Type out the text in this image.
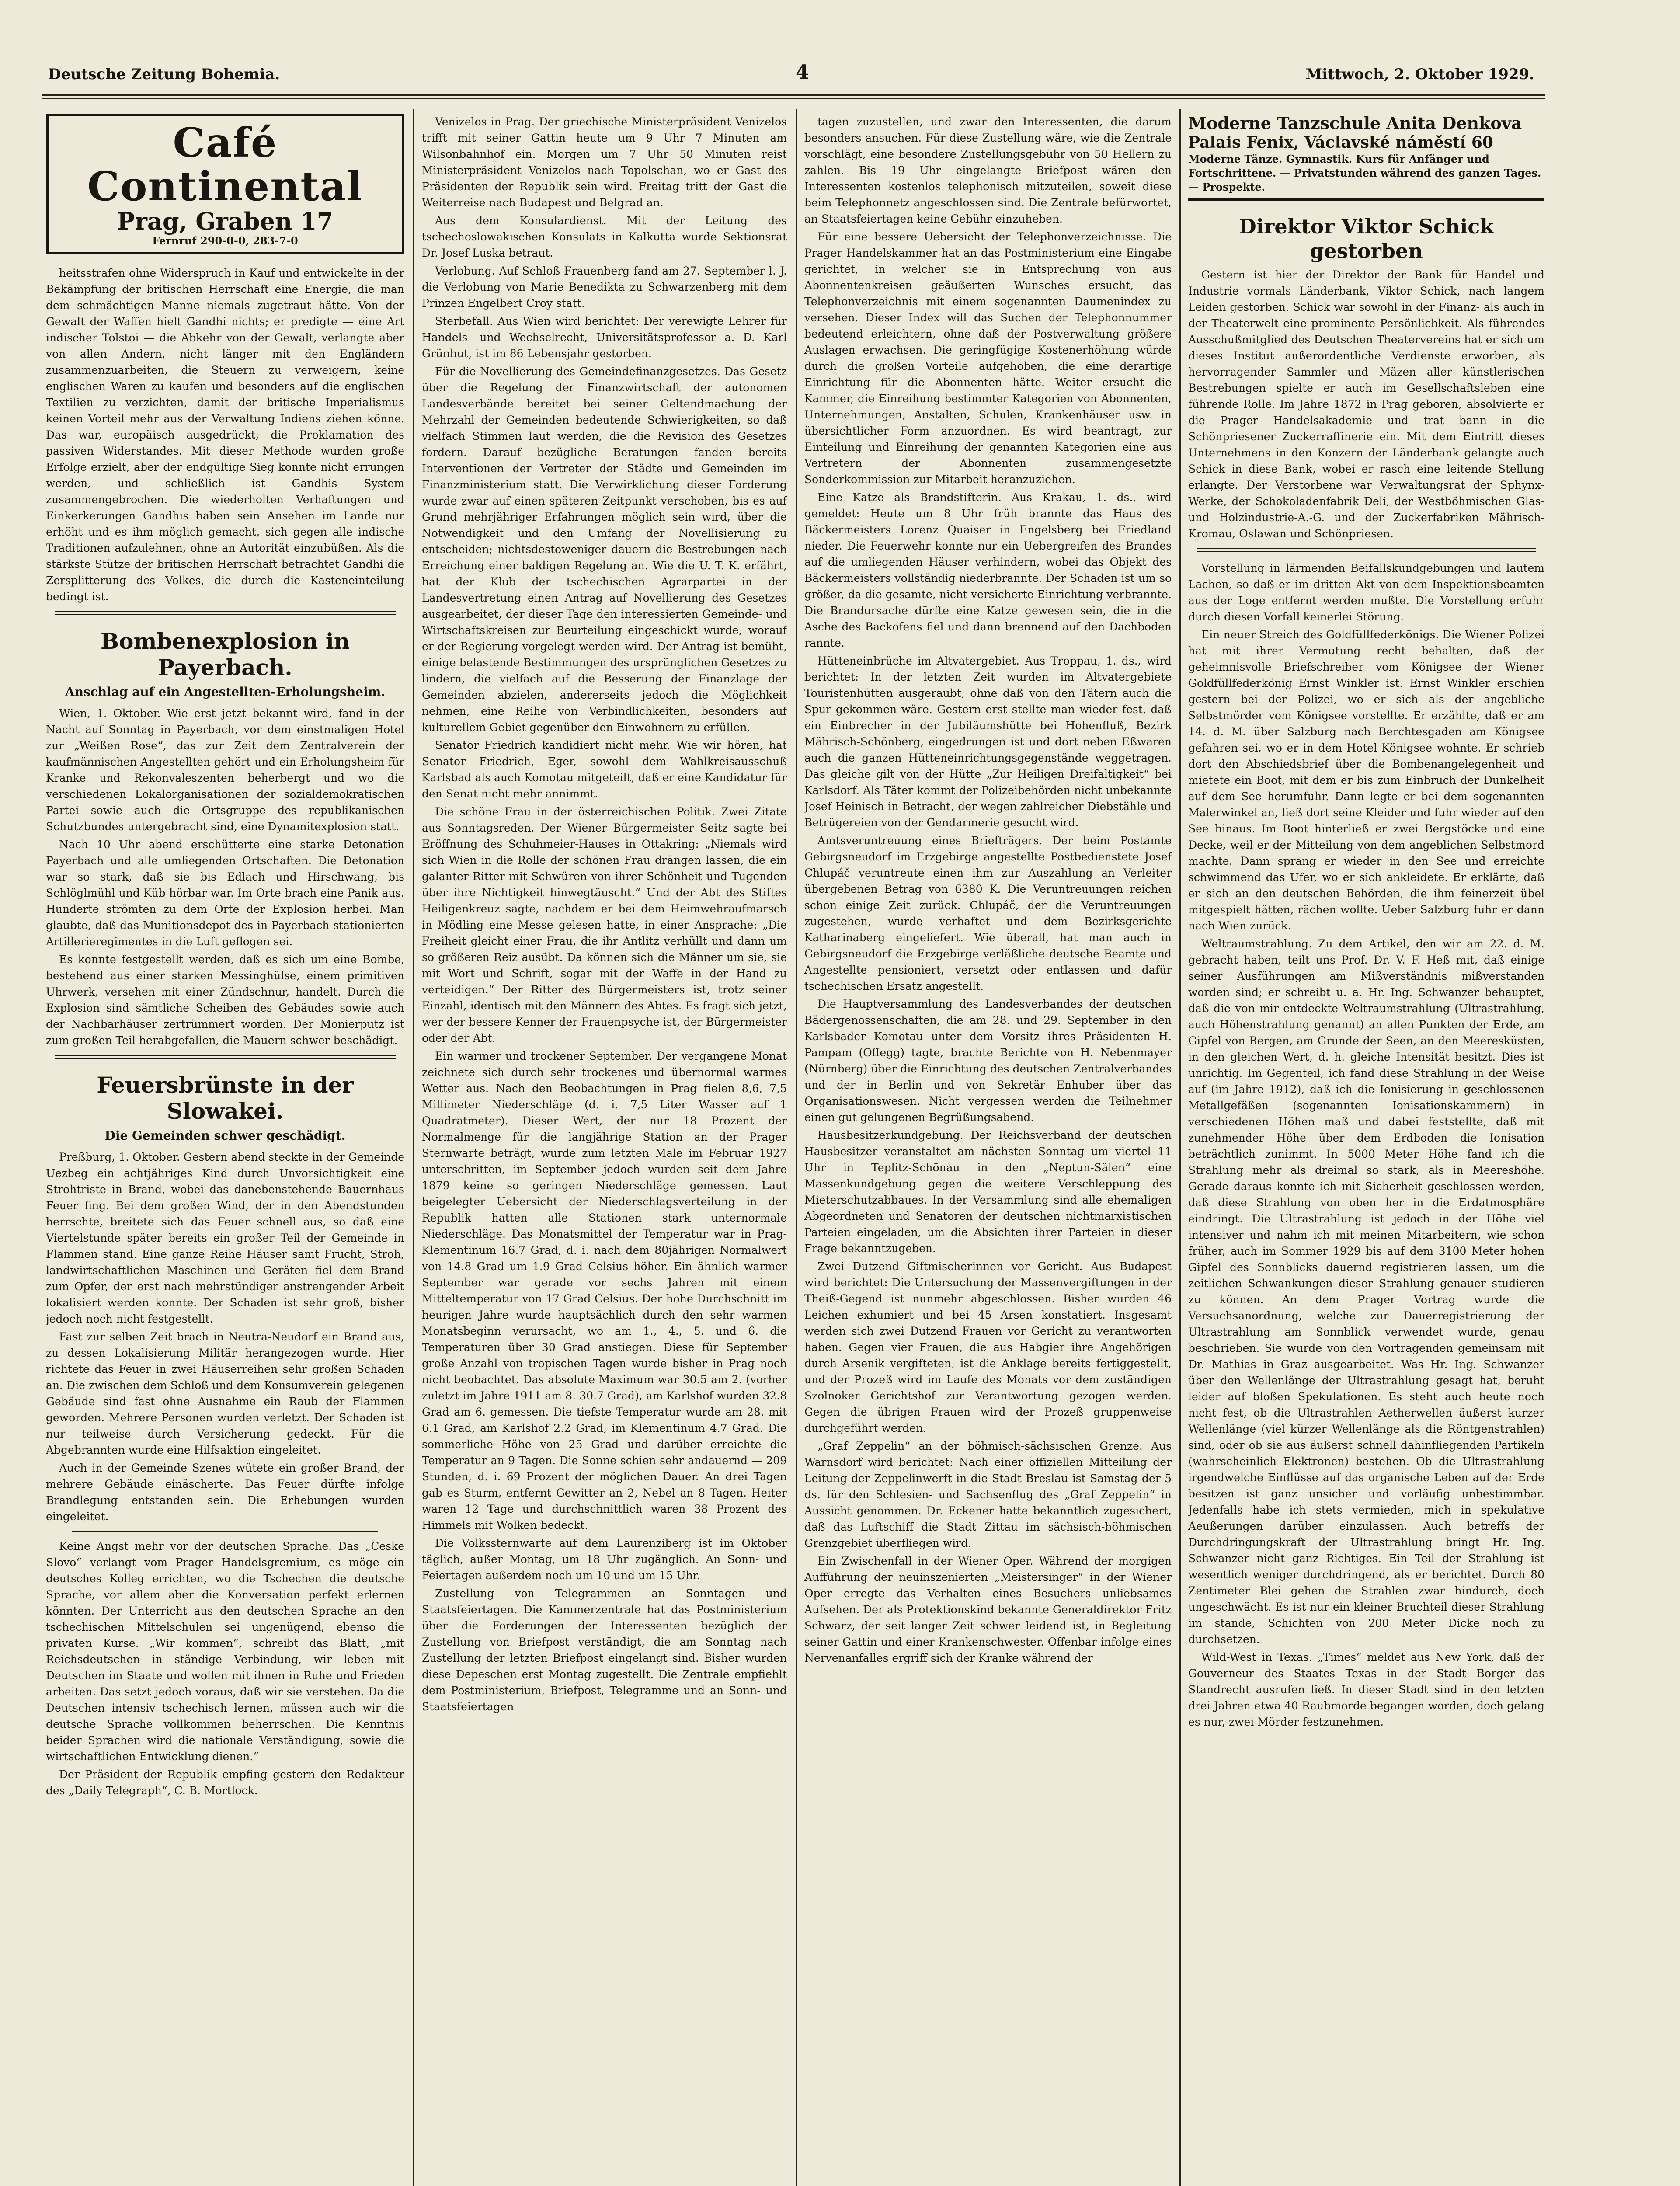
Deutsche Zeitung Bohemia.	4	Mittwoch, 2. Oktober 1929.
Café Continental
Prag, Graben 17
Fernruf 290-0-0, 283-7-0

heitsstrafen ohne Widerspruch in Kauf und entwickelte in der Bekämpfung der britischen Herrschaft eine Energie, die man dem schmächtigen Manne niemals zugetraut hätte. Von der Gewalt der Waffen hielt Gandhi nichts; er predigte — eine Art indischer Tolstoi — die Abkehr von der Gewalt, verlangte aber von allen Andern, nicht länger mit den Engländern zusammenzuarbeiten, die Steuern zu verweigern, keine englischen Waren zu kaufen und besonders auf die englischen Textilien zu verzichten, damit der britische Imperialismus keinen Vorteil mehr aus der Verwaltung Indiens ziehen könne. Das war, europäisch ausgedrückt, die Proklamation des passiven Widerstandes. Mit dieser Methode wurden große Erfolge erzielt, aber der endgültige Sieg konnte nicht errungen werden, und schließlich ist Gandhis System zusammengebrochen. Die wiederholten Verhaftungen und Einkerkerungen Gandhis haben sein Ansehen im Lande nur erhöht und es ihm möglich gemacht, sich gegen alle indische Traditionen aufzulehnen, ohne an Autorität einzubüßen. Als die stärkste Stütze der britischen Herrschaft betrachtet Gandhi die Zersplitterung des Volkes, die durch die Kasteneinteilung bedingt ist.

Bombenexplosion in Payerbach.
Anschlag auf ein Angestellten-Erholungsheim.

Wien, 1. Oktober. Wie erst jetzt bekannt wird, fand in der Nacht auf Sonntag in Payerbach, vor dem einstmaligen Hotel zur „Weißen Rose“, das zur Zeit dem Zentralverein der kaufmännischen Angestellten gehört und ein Erholungsheim für Kranke und Rekonvaleszenten beherbergt und wo die verschiedenen Lokalorganisationen der sozialdemokratischen Partei sowie auch die Ortsgruppe des republikanischen Schutzbundes untergebracht sind, eine Dynamitexplosion statt.

Nach 10 Uhr abend erschütterte eine starke Detonation Payerbach und alle umliegenden Ortschaften. Die Detonation war so stark, daß sie bis Edlach und Hirschwang, bis Schlöglmühl und Küb hörbar war. Im Orte brach eine Panik aus. Hunderte strömten zu dem Orte der Explosion herbei. Man glaubte, daß das Munitionsdepot des in Payerbach stationierten Artillerieregimentes in die Luft geflogen sei.

Es konnte festgestellt werden, daß es sich um eine Bombe, bestehend aus einer starken Messinghülse, einem primitiven Uhrwerk, versehen mit einer Zündschnur, handelt. Durch die Explosion sind sämtliche Scheiben des Gebäudes sowie auch der Nachbarhäuser zertrümmert worden. Der Monierputz ist zum großen Teil herabgefallen, die Mauern schwer beschädigt.

Feuersbrünste in der Slowakei.
Die Gemeinden schwer geschädigt.

Preßburg, 1. Oktober. Gestern abend steckte in der Gemeinde Uezbeg ein achtjähriges Kind durch Unvorsichtigkeit eine Strohtriste in Brand, wobei das danebenstehende Bauernhaus Feuer fing. Bei dem großen Wind, der in den Abendstunden herrschte, breitete sich das Feuer schnell aus, so daß eine Viertelstunde später bereits ein großer Teil der Gemeinde in Flammen stand. Eine ganze Reihe Häuser samt Frucht, Stroh, landwirtschaftlichen Maschinen und Geräten fiel dem Brand zum Opfer, der erst nach mehrstündiger anstrengender Arbeit lokalisiert werden konnte. Der Schaden ist sehr groß, bisher jedoch noch nicht festgestellt.

Fast zur selben Zeit brach in Neutra-Neudorf ein Brand aus, zu dessen Lokalisierung Militär herangezogen wurde. Hier richtete das Feuer in zwei Häuserreihen sehr großen Schaden an. Die zwischen dem Schloß und dem Konsumverein gelegenen Gebäude sind fast ohne Ausnahme ein Raub der Flammen geworden. Mehrere Personen wurden verletzt. Der Schaden ist nur teilweise durch Versicherung gedeckt. Für die Abgebrannten wurde eine Hilfsaktion eingeleitet.

Auch in der Gemeinde Szenes wütete ein großer Brand, der mehrere Gebäude einäscherte. Das Feuer dürfte infolge Brandlegung entstanden sein. Die Erhebungen wurden eingeleitet.

Keine Angst mehr vor der deutschen Sprache. Das „Ceske Slovo“ verlangt vom Prager Handelsgremium, es möge ein deutsches Kolleg errichten, wo die Tschechen die deutsche Sprache, vor allem aber die Konversation perfekt erlernen könnten. Der Unterricht aus den deutschen Sprache an den tschechischen Mittelschulen sei ungenügend, ebenso die privaten Kurse. „Wir kommen“, schreibt das Blatt, „mit Reichsdeutschen in ständige Verbindung, wir leben mit Deutschen im Staate und wollen mit ihnen in Ruhe und Frieden arbeiten. Das setzt jedoch voraus, daß wir sie verstehen. Da die Deutschen intensiv tschechisch lernen, müssen auch wir die deutsche Sprache vollkommen beherrschen. Die Kenntnis beider Sprachen wird die nationale Verständigung, sowie die wirtschaftlichen Entwicklung dienen.“

Der Präsident der Republik empfing gestern den Redakteur des „Daily Telegraph“, C. B. Mortlock.

Venizelos in Prag. Der griechische Ministerpräsident Venizelos trifft mit seiner Gattin heute um 9 Uhr 7 Minuten am Wilsonbahnhof ein. Morgen um 7 Uhr 50 Minuten reist Ministerpräsident Venizelos nach Topolschan, wo er Gast des Präsidenten der Republik sein wird. Freitag tritt der Gast die Weiterreise nach Budapest und Belgrad an.

Aus dem Konsulardienst. Mit der Leitung des tschechoslowakischen Konsulats in Kalkutta wurde Sektionsrat Dr. Josef Luska betraut.

Verlobung. Auf Schloß Frauenberg fand am 27. September l. J. die Verlobung von Marie Benedikta zu Schwarzenberg mit dem Prinzen Engelbert Croy statt.

Sterbefall. Aus Wien wird berichtet: Der verewigte Lehrer für Handels- und Wechselrecht, Universitätsprofessor a. D. Karl Grünhut, ist im 86 Lebensjahr gestorben.

Für die Novellierung des Gemeindefinanzgesetzes. Das Gesetz über die Regelung der Finanzwirtschaft der autonomen Landesverbände bereitet bei seiner Geltendmachung der Mehrzahl der Gemeinden bedeutende Schwierigkeiten, so daß vielfach Stimmen laut werden, die die Revision des Gesetzes fordern. Darauf bezügliche Beratungen fanden bereits Interventionen der Vertreter der Städte und Gemeinden im Finanzministerium statt. Die Verwirklichung dieser Forderung wurde zwar auf einen späteren Zeitpunkt verschoben, bis es auf Grund mehrjähriger Erfahrungen möglich sein wird, über die Notwendigkeit und den Umfang der Novellisierung zu entscheiden; nichtsdestoweniger dauern die Bestrebungen nach Erreichung einer baldigen Regelung an. Wie die U. T. K. erfährt, hat der Klub der tschechischen Agrarpartei in der Landesvertretung einen Antrag auf Novellierung des Gesetzes ausgearbeitet, der dieser Tage den interessierten Gemeinde- und Wirtschaftskreisen zur Beurteilung eingeschickt wurde, worauf er der Regierung vorgelegt werden wird. Der Antrag ist bemüht, einige belastende Bestimmungen des ursprünglichen Gesetzes zu lindern, die vielfach auf die Besserung der Finanzlage der Gemeinden abzielen, andererseits jedoch die Möglichkeit nehmen, eine Reihe von Verbindlichkeiten, besonders auf kulturellem Gebiet gegenüber den Einwohnern zu erfüllen.

Senator Friedrich kandidiert nicht mehr. Wie wir hören, hat Senator Friedrich, Eger, sowohl dem Wahlkreisausschuß Karlsbad als auch Komotau mitgeteilt, daß er eine Kandidatur für den Senat nicht mehr annimmt.

Die schöne Frau in der österreichischen Politik. Zwei Zitate aus Sonntagsreden. Der Wiener Bürgermeister Seitz sagte bei Eröffnung des Schuhmeier-Hauses in Ottakring: „Niemals wird sich Wien in die Rolle der schönen Frau drängen lassen, die ein galanter Ritter mit Schwüren von ihrer Schönheit und Tugenden über ihre Nichtigkeit hinwegtäuscht.“ Und der Abt des Stiftes Heiligenkreuz sagte, nachdem er bei dem Heimwehraufmarsch in Mödling eine Messe gelesen hatte, in einer Ansprache: „Die Freiheit gleicht einer Frau, die ihr Antlitz verhüllt und dann um so größeren Reiz ausübt. Da können sich die Männer um sie, sie mit Wort und Schrift, sogar mit der Waffe in der Hand zu verteidigen.“ Der Ritter des Bürgermeisters ist, trotz seiner Einzahl, identisch mit den Männern des Abtes. Es fragt sich jetzt, wer der bessere Kenner der Frauenpsyche ist, der Bürgermeister oder der Abt.

Ein warmer und trockener September. Der vergangene Monat zeichnete sich durch sehr trockenes und übernormal warmes Wetter aus. Nach den Beobachtungen in Prag fielen 8,6, 7,5 Millimeter Niederschläge (d. i. 7,5 Liter Wasser auf 1 Quadratmeter). Dieser Wert, der nur 18 Prozent der Normalmenge für die langjährige Station an der Prager Sternwarte beträgt, wurde zum letzten Male im Februar 1927 unterschritten, im September jedoch wurden seit dem Jahre 1879 keine so geringen Niederschläge gemessen. Laut beigelegter Uebersicht der Niederschlagsverteilung in der Republik hatten alle Stationen stark unternormale Niederschläge. Das Monatsmittel der Temperatur war in Prag-Klementinum 16.7 Grad, d. i. nach dem 80jährigen Normalwert von 14.8 Grad um 1.9 Grad Celsius höher. Ein ähnlich warmer September war gerade vor sechs Jahren mit einem Mitteltemperatur von 17 Grad Celsius. Der hohe Durchschnitt im heurigen Jahre wurde hauptsächlich durch den sehr warmen Monatsbeginn verursacht, wo am 1., 4., 5. und 6. die Temperaturen über 30 Grad anstiegen. Diese für September große Anzahl von tropischen Tagen wurde bisher in Prag noch nicht beobachtet. Das absolute Maximum war 30.5 am 2. (vorher zuletzt im Jahre 1911 am 8. 30.7 Grad), am Karlshof wurden 32.8 Grad am 6. gemessen. Die tiefste Temperatur wurde am 28. mit 6.1 Grad, am Karlshof 2.2 Grad, im Klementinum 4.7 Grad. Die sommerliche Höhe von 25 Grad und darüber erreichte die Temperatur an 9 Tagen. Die Sonne schien sehr andauernd — 209 Stunden, d. i. 69 Prozent der möglichen Dauer. An drei Tagen gab es Sturm, entfernt Gewitter an 2, Nebel an 8 Tagen. Heiter waren 12 Tage und durchschnittlich waren 38 Prozent des Himmels mit Wolken bedeckt.

Die Volkssternwarte auf dem Laurenziberg ist im Oktober täglich, außer Montag, um 18 Uhr zugänglich. An Sonn- und Feiertagen außerdem noch um 10 und um 15 Uhr.

Zustellung von Telegrammen an Sonntagen und Staatsfeiertagen. Die Kammerzentrale hat das Postministerium über die Forderungen der Interessenten bezüglich der Zustellung von Briefpost verständigt, die am Sonntag nach Zustellung der letzten Briefpost eingelangt sind. Bisher wurden diese Depeschen erst Montag zugestellt. Die Zentrale empfiehlt dem Postministerium, Briefpost, Telegramme und an Sonn- und Staatsfeiertagen

tagen zuzustellen, und zwar den Interessenten, die darum besonders ansuchen. Für diese Zustellung wäre, wie die Zentrale vorschlägt, eine besondere Zustellungsgebühr von 50 Hellern zu zahlen. Bis 19 Uhr eingelangte Briefpost wären den Interessenten kostenlos telephonisch mitzuteilen, soweit diese beim Telephonnetz angeschlossen sind. Die Zentrale befürwortet, an Staatsfeiertagen keine Gebühr einzuheben.

Für eine bessere Uebersicht der Telephonverzeichnisse. Die Prager Handelskammer hat an das Postministerium eine Eingabe gerichtet, in welcher sie in Entsprechung von aus Abonnentenkreisen geäußerten Wunsches ersucht, das Telephonverzeichnis mit einem sogenannten Daumenindex zu versehen. Dieser Index will das Suchen der Telephonnummer bedeutend erleichtern, ohne daß der Postverwaltung größere Auslagen erwachsen. Die geringfügige Kostenerhöhung würde durch die großen Vorteile aufgehoben, die eine derartige Einrichtung für die Abonnenten hätte. Weiter ersucht die Kammer, die Einreihung bestimmter Kategorien von Abonnenten, Unternehmungen, Anstalten, Schulen, Krankenhäuser usw. in übersichtlicher Form anzuordnen. Es wird beantragt, zur Einteilung und Einreihung der genannten Kategorien eine aus Vertretern der Abonnenten zusammengesetzte Sonderkommission zur Mitarbeit heranzuziehen.

Eine Katze als Brandstifterin. Aus Krakau, 1. ds., wird gemeldet: Heute um 8 Uhr früh brannte das Haus des Bäckermeisters Lorenz Quaiser in Engelsberg bei Friedland nieder. Die Feuerwehr konnte nur ein Uebergreifen des Brandes auf die umliegenden Häuser verhindern, wobei das Objekt des Bäckermeisters vollständig niederbrannte. Der Schaden ist um so größer, da die gesamte, nicht versicherte Einrichtung verbrannte. Die Brandursache dürfte eine Katze gewesen sein, die in die Asche des Backofens fiel und dann brennend auf den Dachboden rannte.

Hütteneinbrüche im Altvatergebiet. Aus Troppau, 1. ds., wird berichtet: In der letzten Zeit wurden im Altvatergebiete Touristenhütten ausgeraubt, ohne daß von den Tätern auch die Spur gekommen wäre. Gestern erst stellte man wieder fest, daß ein Einbrecher in der Jubiläumshütte bei Hohenfluß, Bezirk Mährisch-Schönberg, eingedrungen ist und dort neben Eßwaren auch die ganzen Hütteneinrichtungsgegenstände weggetragen. Das gleiche gilt von der Hütte „Zur Heiligen Dreifaltigkeit“ bei Karlsdorf. Als Täter kommt der Polizeibehörden nicht unbekannte Josef Heinisch in Betracht, der wegen zahlreicher Diebstähle und Betrügereien von der Gendarmerie gesucht wird.

Amtsveruntreuung eines Briefträgers. Der beim Postamte Gebirgsneudorf im Erzgebirge angestellte Postbedienstete Josef Chlupáč veruntreute einen ihm zur Auszahlung an Verleiter übergebenen Betrag von 6380 K. Die Veruntreuungen reichen schon einige Zeit zurück. Chlupáč, der die Veruntreuungen zugestehen, wurde verhaftet und dem Bezirksgerichte Katharinaberg eingeliefert. Wie überall, hat man auch in Gebirgsneudorf die Erzgebirge verläßliche deutsche Beamte und Angestellte pensioniert, versetzt oder entlassen und dafür tschechischen Ersatz angestellt.

Die Hauptversammlung des Landesverbandes der deutschen Bädergenossenschaften, die am 28. und 29. September in den Karlsbader Komotau unter dem Vorsitz ihres Präsidenten H. Pampam (Offegg) tagte, brachte Berichte von H. Nebenmayer (Nürnberg) über die Einrichtung des deutschen Zentralverbandes und der in Berlin und von Sekretär Enhuber über das Organisationswesen. Nicht vergessen werden die Teilnehmer einen gut gelungenen Begrüßungsabend.

Hausbesitzerkundgebung. Der Reichsverband der deutschen Hausbesitzer veranstaltet am nächsten Sonntag um viertel 11 Uhr in Teplitz-Schönau in den „Neptun-Sälen“ eine Massenkundgebung gegen die weitere Verschleppung des Mieterschutzabbaues. In der Versammlung sind alle ehemaligen Abgeordneten und Senatoren der deutschen nichtmarxistischen Parteien eingeladen, um die Absichten ihrer Parteien in dieser Frage bekanntzugeben.

Zwei Dutzend Giftmischerinnen vor Gericht. Aus Budapest wird berichtet: Die Untersuchung der Massenvergiftungen in der Theiß-Gegend ist nunmehr abgeschlossen. Bisher wurden 46 Leichen exhumiert und bei 45 Arsen konstatiert. Insgesamt werden sich zwei Dutzend Frauen vor Gericht zu verantworten haben. Gegen vier Frauen, die aus Habgier ihre Angehörigen durch Arsenik vergifteten, ist die Anklage bereits fertiggestellt, und der Prozeß wird im Laufe des Monats vor dem zuständigen Szolnoker Gerichtshof zur Verantwortung gezogen werden. Gegen die übrigen Frauen wird der Prozeß gruppenweise durchgeführt werden.

„Graf Zeppelin“ an der böhmisch-sächsischen Grenze. Aus Warnsdorf wird berichtet: Nach einer offiziellen Mitteilung der Leitung der Zeppelinwerft in die Stadt Breslau ist Samstag der 5 ds. für den Schlesien- und Sachsenflug des „Graf Zeppelin“ in Aussicht genommen. Dr. Eckener hatte bekanntlich zugesichert, daß das Luftschiff die Stadt Zittau im sächsisch-böhmischen Grenzgebiet überfliegen wird.

Ein Zwischenfall in der Wiener Oper. Während der morgigen Aufführung der neuinszenierten „Meistersinger“ in der Wiener Oper erregte das Verhalten eines Besuchers unliebsames Aufsehen. Der als Protektionskind bekannte Generaldirektor Fritz Schwarz, der seit langer Zeit schwer leidend ist, in Begleitung seiner Gattin und einer Krankenschwester. Offenbar infolge eines Nervenanfalles ergriff sich der Kranke während der

Moderne Tanzschule Anita Denkova
Palais Fenix, Václavské náměstí 60
Moderne Tänze. Gymnastik. Kurs für Anfänger und Fortschrittene. — Privatstunden während des ganzen Tages. — Prospekte.
Direktor Viktor Schick gestorben

Gestern ist hier der Direktor der Bank für Handel und Industrie vormals Länderbank, Viktor Schick, nach langem Leiden gestorben. Schick war sowohl in der Finanz- als auch in der Theaterwelt eine prominente Persönlichkeit. Als führendes Ausschußmitglied des Deutschen Theatervereins hat er sich um dieses Institut außerordentliche Verdienste erworben, als hervorragender Sammler und Mäzen aller künstlerischen Bestrebungen spielte er auch im Gesellschaftsleben eine führende Rolle. Im Jahre 1872 in Prag geboren, absolvierte er die Prager Handelsakademie und trat bann in die Schönpriesener Zuckerraffinerie ein. Mit dem Eintritt dieses Unternehmens in den Konzern der Länderbank gelangte auch Schick in diese Bank, wobei er rasch eine leitende Stellung erlangte. Der Verstorbene war Verwaltungsrat der Sphynx-Werke, der Schokoladenfabrik Deli, der Westböhmischen Glas- und Holzindustrie-A.-G. und der Zuckerfabriken Mährisch-Kromau, Oslawan und Schönpriesen.

Vorstellung in lärmenden Beifallskundgebungen und lautem Lachen, so daß er im dritten Akt von dem Inspektionsbeamten aus der Loge entfernt werden mußte. Die Vorstellung erfuhr durch diesen Vorfall keinerlei Störung.

Ein neuer Streich des Goldfüllfederkönigs. Die Wiener Polizei hat mit ihrer Vermutung recht behalten, daß der geheimnisvolle Briefschreiber vom Königsee der Wiener Goldfüllfederkönig Ernst Winkler ist. Ernst Winkler erschien gestern bei der Polizei, wo er sich als der angebliche Selbstmörder vom Königsee vorstellte. Er erzählte, daß er am 14. d. M. über Salzburg nach Berchtesgaden am Königsee gefahren sei, wo er in dem Hotel Königsee wohnte. Er schrieb dort den Abschiedsbrief über die Bombenangelegenheit und mietete ein Boot, mit dem er bis zum Einbruch der Dunkelheit auf dem See herumfuhr. Dann legte er bei dem sogenannten Malerwinkel an, ließ dort seine Kleider und fuhr wieder auf den See hinaus. Im Boot hinterließ er zwei Bergstöcke und eine Decke, weil er der Mitteilung von dem angeblichen Selbstmord machte. Dann sprang er wieder in den See und erreichte schwimmend das Ufer, wo er sich ankleidete. Er erklärte, daß er sich an den deutschen Behörden, die ihm feinerzeit übel mitgespielt hätten, rächen wollte. Ueber Salzburg fuhr er dann nach Wien zurück.

Weltraumstrahlung. Zu dem Artikel, den wir am 22. d. M. gebracht haben, teilt uns Prof. Dr. V. F. Heß mit, daß einige seiner Ausführungen am Mißverständnis mißverstanden worden sind; er schreibt u. a. Hr. Ing. Schwanzer behauptet, daß die von mir entdeckte Weltraumstrahlung (Ultrastrahlung, auch Höhenstrahlung genannt) an allen Punkten der Erde, am Gipfel von Bergen, am Grunde der Seen, an den Meeresküsten, in den gleichen Wert, d. h. gleiche Intensität besitzt. Dies ist unrichtig. Im Gegenteil, ich fand diese Strahlung in der Weise auf (im Jahre 1912), daß ich die Ionisierung in geschlossenen Metallgefäßen (sogenannten Ionisationskammern) in verschiedenen Höhen maß und dabei feststellte, daß mit zunehmender Höhe über dem Erdboden die Ionisation beträchtlich zunimmt. In 5000 Meter Höhe fand ich die Strahlung mehr als dreimal so stark, als in Meereshöhe. Gerade daraus konnte ich mit Sicherheit geschlossen werden, daß diese Strahlung von oben her in die Erdatmosphäre eindringt. Die Ultrastrahlung ist jedoch in der Höhe viel intensiver und nahm ich mit meinen Mitarbeitern, wie schon früher, auch im Sommer 1929 bis auf dem 3100 Meter hohen Gipfel des Sonnblicks dauernd registrieren lassen, um die zeitlichen Schwankungen dieser Strahlung genauer studieren zu können. An dem Prager Vortrag wurde die Versuchsanordnung, welche zur Dauerregistrierung der Ultrastrahlung am Sonnblick verwendet wurde, genau beschrieben. Sie wurde von den Vortragenden gemeinsam mit Dr. Mathias in Graz ausgearbeitet. Was Hr. Ing. Schwanzer über den Wellenlänge der Ultrastrahlung gesagt hat, beruht leider auf bloßen Spekulationen. Es steht auch heute noch nicht fest, ob die Ultrastrahlen Aetherwellen äußerst kurzer Wellenlänge (viel kürzer Wellenlänge als die Röntgenstrahlen) sind, oder ob sie aus äußerst schnell dahinfliegenden Partikeln (wahrscheinlich Elektronen) bestehen. Ob die Ultrastrahlung irgendwelche Einflüsse auf das organische Leben auf der Erde besitzen ist ganz unsicher und vorläufig unbestimmbar. Jedenfalls habe ich stets vermieden, mich in spekulative Aeußerungen darüber einzulassen. Auch betreffs der Durchdringungskraft der Ultrastrahlung bringt Hr. Ing. Schwanzer nicht ganz Richtiges. Ein Teil der Strahlung ist wesentlich weniger durchdringend, als er berichtet. Durch 80 Zentimeter Blei gehen die Strahlen zwar hindurch, doch ungeschwächt. Es ist nur ein kleiner Bruchteil dieser Strahlung im stande, Schichten von 200 Meter Dicke noch zu durchsetzen.

Wild-West in Texas. „Times“ meldet aus New York, daß der Gouverneur des Staates Texas in der Stadt Borger das Standrecht ausrufen ließ. In dieser Stadt sind in den letzten drei Jahren etwa 40 Raubmorde begangen worden, doch gelang es nur, zwei Mörder festzunehmen.
